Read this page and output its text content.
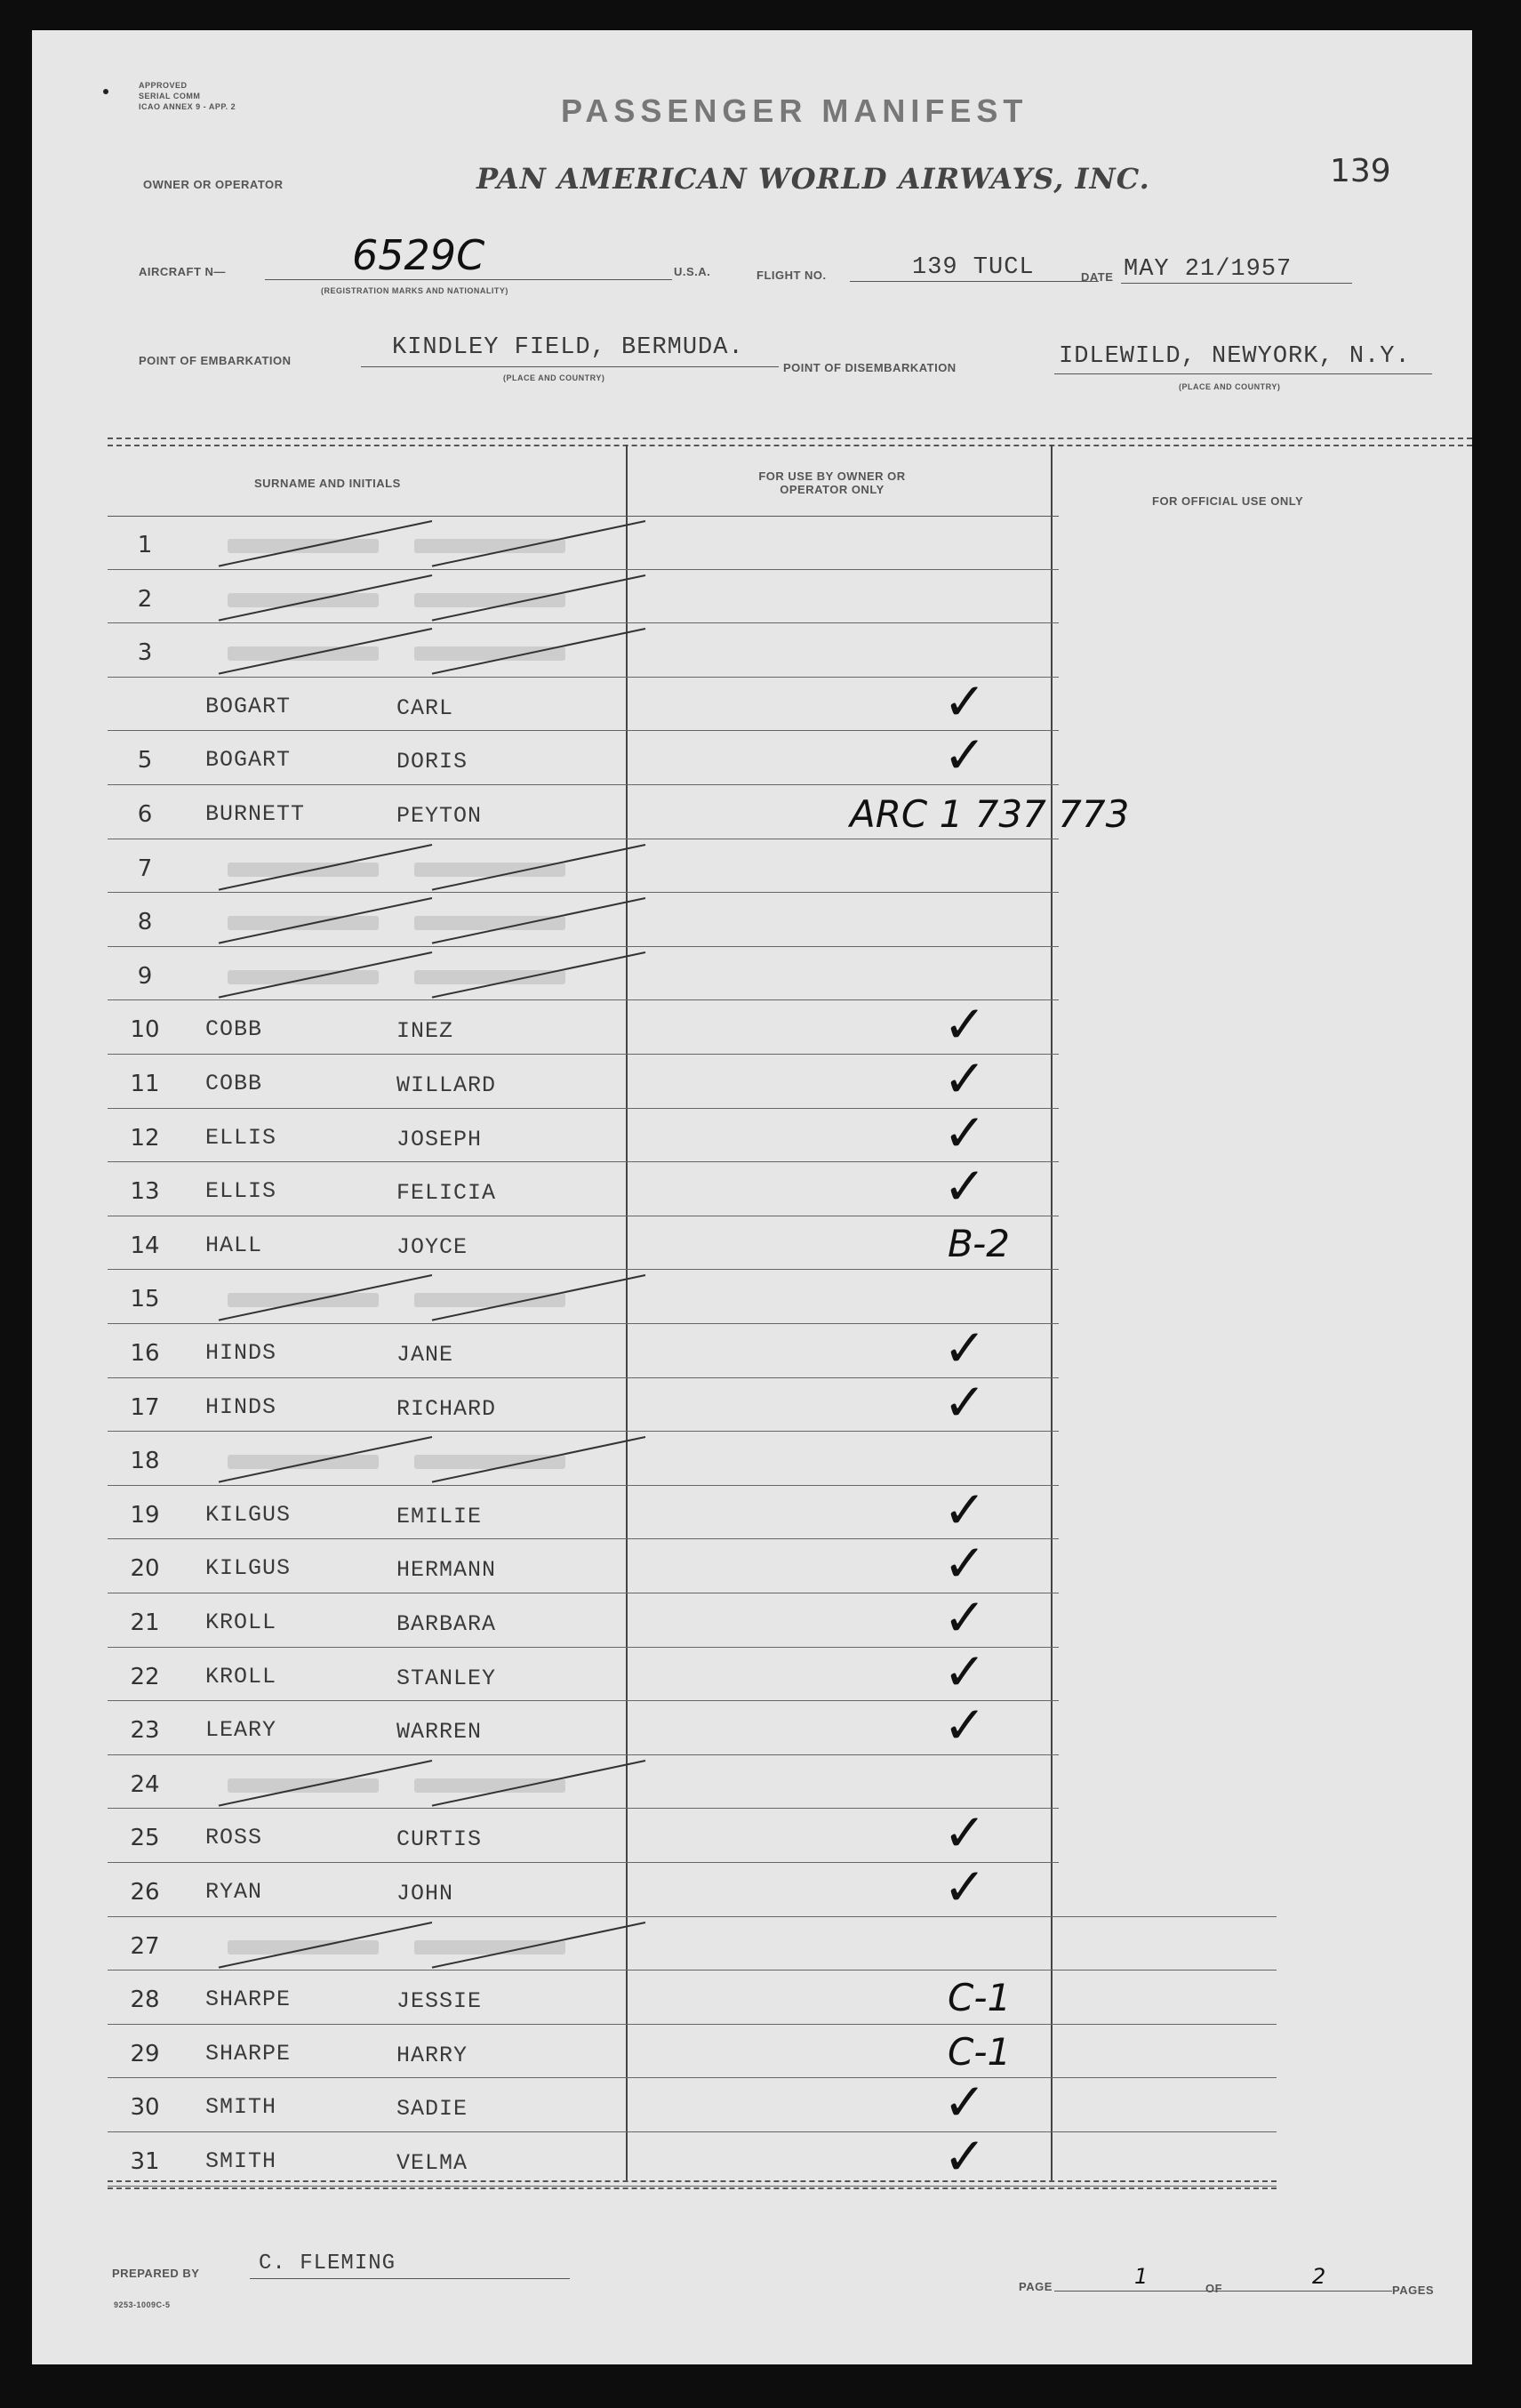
APPROVED
SERIAL COMM
ICAO ANNEX 9 - APP. 2	PASSENGER MANIFEST
OWNER OR OPERATOR	PAN AMERICAN WORLD AIRWAYS, INC.	139
AIRCRAFT N—	6529C
(REGISTRATION MARKS AND NATIONALITY)
U.S.A.	FLIGHT NO.	139 TUCL	DATE MAY 21/1957
POINT OF EMBARKATION	KINDLEY FIELD, BERMUDA.
(PLACE AND COUNTRY)
POINT OF DISEMBARKATION	IDLEWILD, NEWYORK, N.Y.
(PLACE AND COUNTRY)
SURNAME AND INITIALS
FOR USE BY OWNER OR OPERATOR ONLY
FOR OFFICIAL USE ONLY
1
2
3
BOGART	CARL	✓
5	BOGART	DORIS	✓
6	BURNETT	PEYTON	ARC 1 737 773
7
8
9
10 COBB	INEZ	✓
11 COBB	WILLARD	✓
12 ELLIS	JOSEPH	✓
13 ELLIS	FELICIA	✓
14 HALL	JOYCE	B-2
15
16 HINDS	JANE	✓
17 HINDS	RICHARD	✓
18
19 KILGUS	EMILIE	✓
20 KILGUS	HERMANN	✓
21 KROLL	BARBARA	✓
22 KROLL	STANLEY	✓
23 LEARY	WARREN	✓
24
25 ROSS	CURTIS	✓
26 RYAN	JOHN	✓
27
28 SHARPE	JESSIE	C-1
29 SHARPE	HARRY	C-1
30 SMITH	SADIE	✓
31 SMITH	VELMA	✓
PREPARED BY	C. FLEMING
9253-1009C-5
PAGE	1	OF	2
PAGES
